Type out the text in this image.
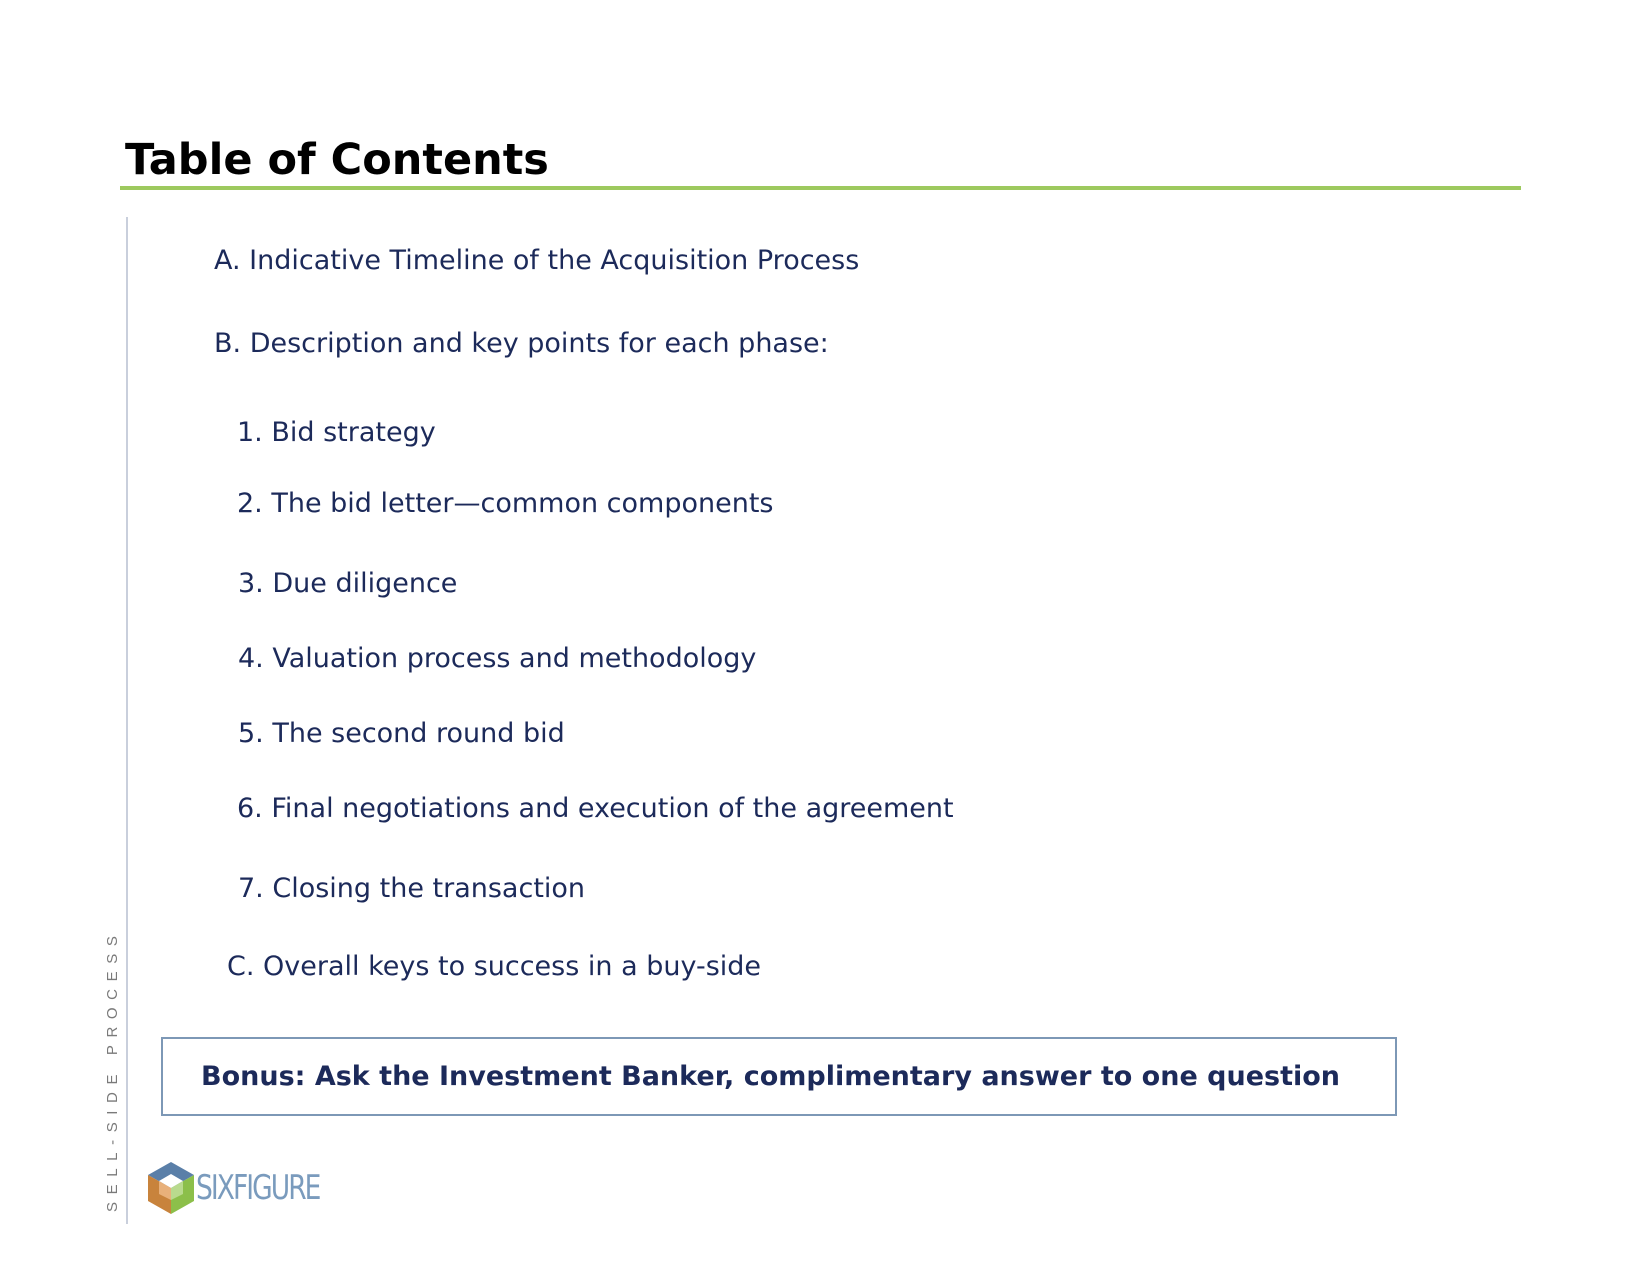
Table of Contents
SELL-SIDE PROCESS

A. Indicative Timeline of the Acquisition Process

B. Description and key points for each phase:

1. Bid strategy

2. The bid letter—common components

3. Due diligence

4. Valuation process and methodology

5. The second round bid

6. Final negotiations and execution of the agreement

7. Closing the transaction

C. Overall keys to success in a buy-side

Bonus: Ask the Investment Banker, complimentary answer to one question
SIXFIGURE
